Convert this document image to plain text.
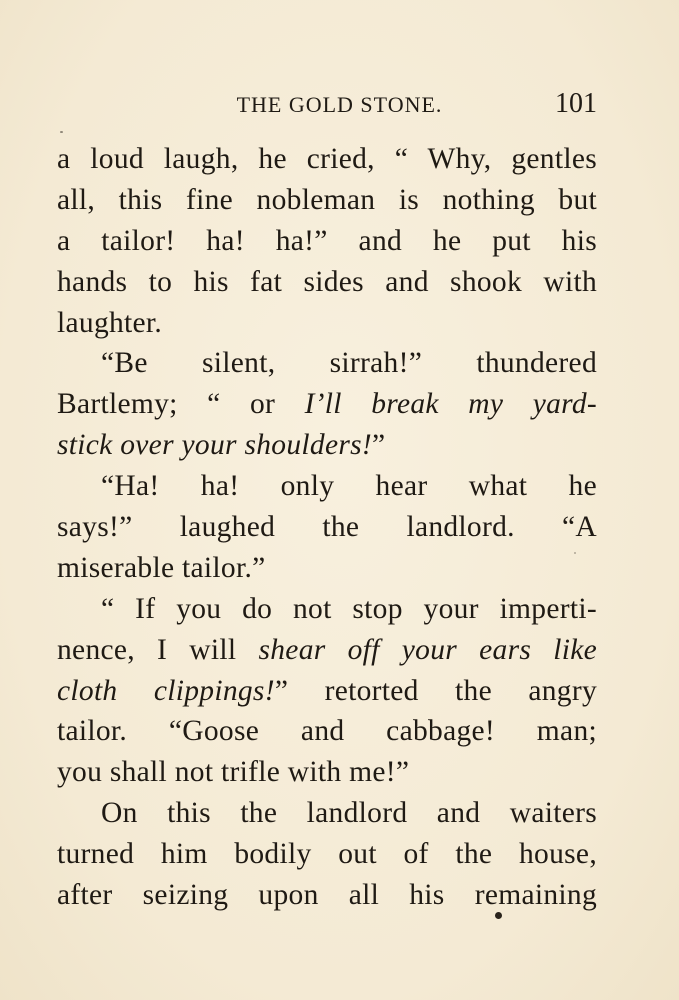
THE GOLD STONE.	101
a loud laugh, he cried, “ Why, gentles
all, this fine nobleman is nothing but
a tailor! ha! ha!” and he put his
hands to his fat sides and shook with
laughter.
“Be silent, sirrah!” thundered
Bartlemy; “ or I’ll break my yard-
stick over your shoulders!”
“Ha! ha! only hear what he
says!” laughed the landlord. “A
miserable tailor.”
“ If you do not stop your imperti-
nence, I will shear off your ears like
cloth clippings!” retorted the angry
tailor. “Goose and cabbage! man;
you shall not trifle with me!”
On this the landlord and waiters
turned him bodily out of the house,
after seizing upon all his remaining
